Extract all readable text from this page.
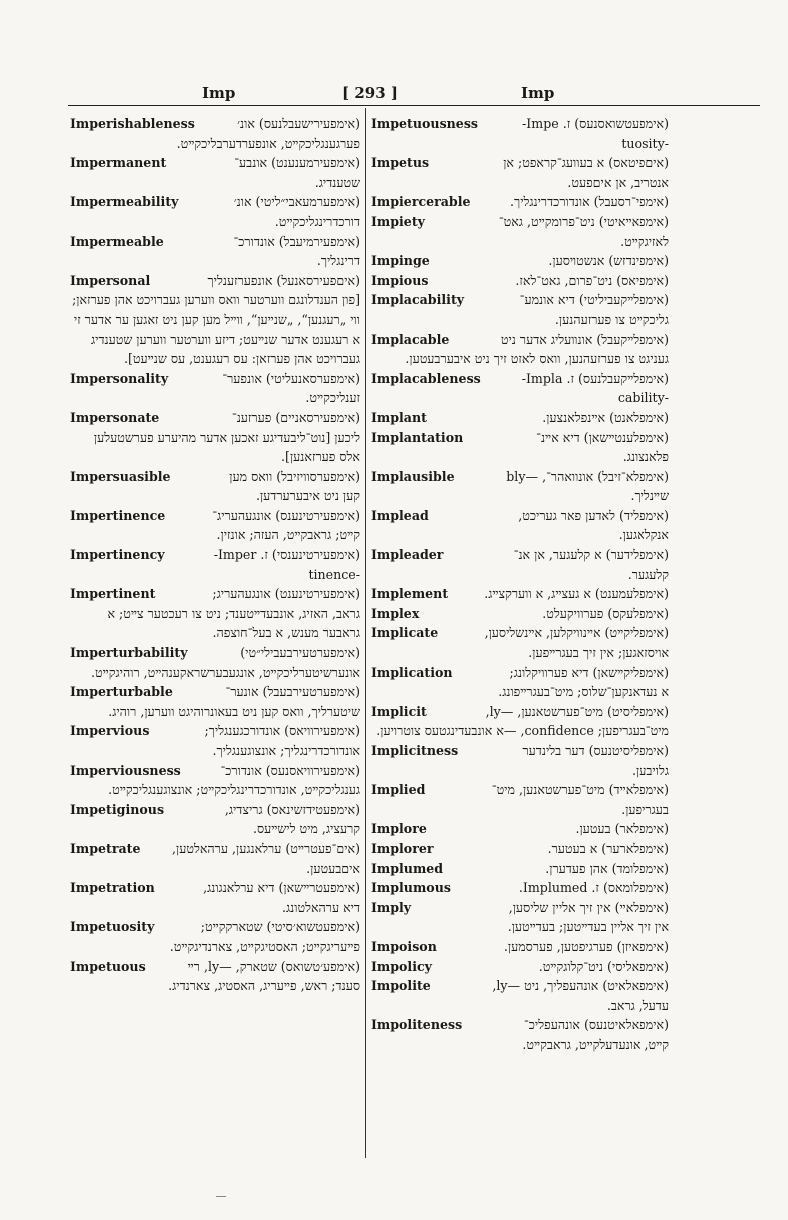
Imp	[ 293 ]	Imp
Imperishableness	(אימפעירישעבלנעס) אונ׳
פערגענגליכקײט, אונפערדערבליכקײט.
Impermanent	(אימפעירמענענט) אונבע־
שטענדיג.
Impermeability	(אימפערמעאבי״ליטי) אונ׳
דורכדרינגליכקײט.
Impermeable	(אימפעירמיעבל) אונדורכ־
דרינגליך.
Impersonal	(איםפעירסאנעל) אונפערזענליך
[פון הענדלונגם ווערטער וואס ווערען געברויכט אהן פערזאן; ווי „רעגנען“, „שנײען“, ווײל מען קען ניט זאגען ער אדער זי א רעגענט אדער שנײעט; דיזע ווערטער ווערען שטענדיג געברויכט אהן פערזאן: עס רעגענט, עס שנײעט].
Impersonality	(אימפערסאנעליטי) אונפער־
זענליכקײט.
Impersonate	(אימפעירסאניים) פערזענ־
ליכען [נוט־ליבעדיגע זאכען אדער מהיערע פערשטעלען אלס פערזאנען].
Impersuasible	(אימפערסוויזיבל) וואס מען
קען ניט איבערערדען.
Impertinence	(אימפעירטינענס) אונגעהעריג־
קײט; גראבקײט, העזה; אונזין.
Impertinency	(אימפעירטינענסי) ז. Imper-
-tinence
Impertinent	(אימפעירטינענט) אונגעהעריג;
גראב, האזיג, אונבעדײטענד; ניט צו רעכטער צײט; א גראבער מענש, א בעל־חוצפה.
Imperturbability	(אימפערטעירבעבילי״טי)
אונערשיטערליכקײט, אונגעבערשראקענהײט, רוהיגקײט.
Imperturbable	(אימפערטעירבעבל) אונער־
שיטערליך, וואס קען ניט בעאונרוהיגט ווערען, רוהיג.
Impervious	(אימפעירוויאס) אונדורכגענגליך;
אונדורכדרינגליך; אונצוגענגליך.
Imperviousness	(אימפעירוויאסנעס) אונדורכ־
גענגליכקײט, אונדורכדרינגליכקײט; אונצוגענגליכקײט.
Impetiginous	(אימפעטידזשינאס) גריצדיג,
קרעציג, מיט לישײעס.
Impetrate	(אים־פעטרײט) ערלאנגען, ערהאלטען,
איםבעטען.
Impetration	(אימפעטרײשאן) דיא ערלאנגונג,
דיא ערהאלטונג.
Impetuosity	(אימפעטשוא׳סיטי) שטארקקײט;
פײעריגקײט; האסטיגקײט, צארנדיגקײט.
Impetuous	(אימפע׳טשואס) שטארק, —ly, רײ
סענד; ראש, פײעריג, האסטיג, צארנדיג.
Impetuousness	(אימפעטשואסנעס) ז. Impe-
-tuosity
Impetus	(איםפיטאס) א בעוועג־קראפט; אן
אנטריב, אן איםפעט.
Impiercerable	(אימפי־רסעבל) אונדורכדרינגליך.
Impiety	(אימפאײאיטי) ניט־פרומקײט, גאט־
לאזיגקײט.
Impinge	(אימפינדזש) אנשטױסען.
Impious	(אימפיאס) ניט־פרום, גאט־לאז.
Implacability	(אימפלײקעביליטי) דיא אונמע־
גליכקײט צו פערזעהנען.
Implacable	(אימפלײקעבל) אונװעליג אדער ניט
געניגט צו פערזעהנען, וואס לאזט זיך ניט איבערבעטען.
Implacableness	(אימפלײקעבלנעס) ז. Impla-
-cability
Implant	(אימפלאנט) אײנפלאנצען.
Implantation	(אימפלענטײשאן) דיא אײנ־
פלאנצונג.
Implausible	(אימפלא־זיבל) אונוואהר־, —bly
שײנליך.
Implead	(אימפליד) לאדען פאר געריכט,
אנקלאגען.
Impleader	(אימפלידער) א קלעגער, אן אנ־
קלעגער.
Implement	(אימפלעמענט) א געצײג, א ווערקצײג.
Implex	(אימפלעקס) פערוויקעלט.
Implicate	(אימפליקײט) אײנוויקלען, אײנשליסען,
אויסזאגען; אין זיך בעגרײפען.
Implication	(אימפליקײשאן) דיא פערוויקלונג;
א נעדאנקען־שלוס; מיט־בעגרײפונג.
Implicit	(אימפליסיט) מיט־פערשטאנען, —ly,
מיט־בעגריפען; confidence, —א אונבעדינגטעס צוטרויען.
Implicitness	(אימפליסיטנעס) דער בלינדער
גלויבען.
Implied	(אימפלאײד) מיט־פערשטאנען, מיט־
בעגריפען.
Implore	(אימפלאר) בעטען.
Implorer	(אימפלארער) א בעטער.
Implumed	(אימפלומד) אהן פעדערן.
Implumous	(אימפלומאס) ז. Implumed.
Imply	(אימפלאײ) אין זיך אליין שליסען,
אין זיך אליין בעדײטען; בעדײטען.
Impoison	(אימפאיזן) פערגיפטען, פערסמען.
Impolicy	(אימפאליסי) ניט־קלוגקײט.
Impolite	(אימפאלאיט) אונהעפליך, ניט —ly,
עדעל, גראב.
Impoliteness	(אימפאלאיטנעס) אונהעפליכ־
קײט, אונעדעלקײט, גראבקײט.
